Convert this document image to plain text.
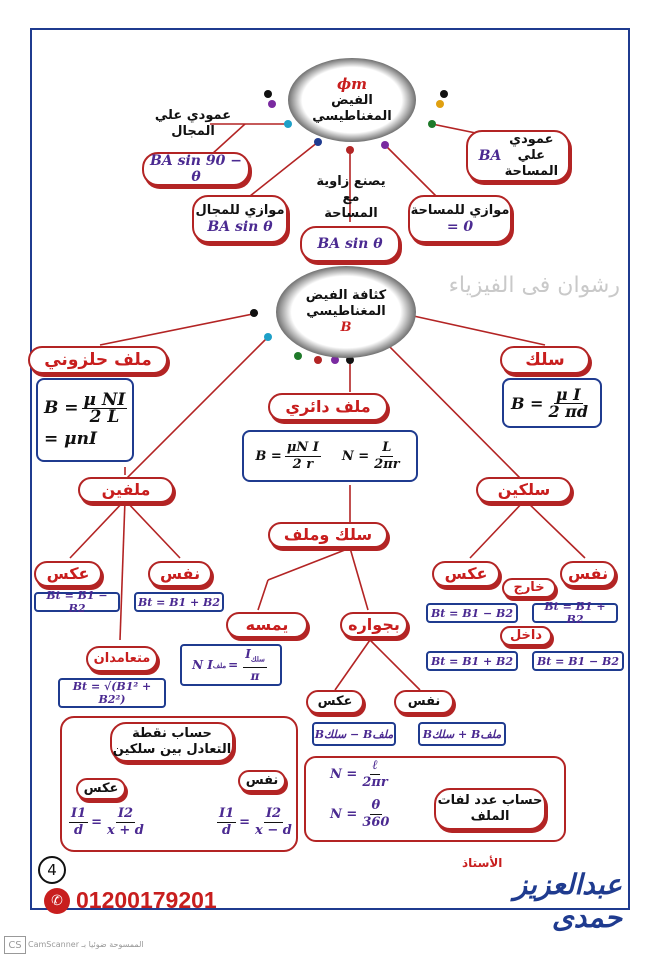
ϕm
الفيض المغناطيسي
عمودي علي المجال
BA sin 90 − θ
BA
عمودي علي المساحة
موازي للمجال
BA sin θ
يصنع زاوية مع المساحة
BA sin θ
موازي للمساحة
= 0
رشوان فى الفيزياء
كثافة الفيض المغناطيسي
B
ملف حلزوني
$B = \frac{\text{μ NI}}{2 L}$
= μnI
سلك
$B = \frac{\text{μ I}}{2 \pi d}$
ملف دائري
$B = \frac{\text{μN I}}{2 r}$ $N = \frac{L}{2\pi r}$
ملفين
عكس	نفس
Bt = B1 − B2	Bt = B1 + B2
متعامدان
Bt = √(B1² + B2²)
سلكين
عكس	نفس
خارج
Bt = B1 − B2	Bt = B1 + B2
داخل
Bt = B1 + B2	Bt = B1 − B2
سلك وملف
يمسه	بجواره
N I ملف = $\frac{I_{سلك}}{\pi}$
عكس	نفس
Bسلك − Bملف	Bسلك + Bملف
حساب نقطة التعادل بين سلكين
عكس
نفس
$\frac{I1}{d} = \frac{I2}{x + d}$	$\frac{I1}{d} = \frac{I2}{x - d}$
$N = \frac{\text{ℓ}}{2\pi r}$
$N = \frac{\theta}{360}$	حساب عدد لفات الملف
4
✆ 01200179201
الأستاذ
عبدالعزيز حمدى
CS الممسوحة ضوئيا بـ CamScanner
